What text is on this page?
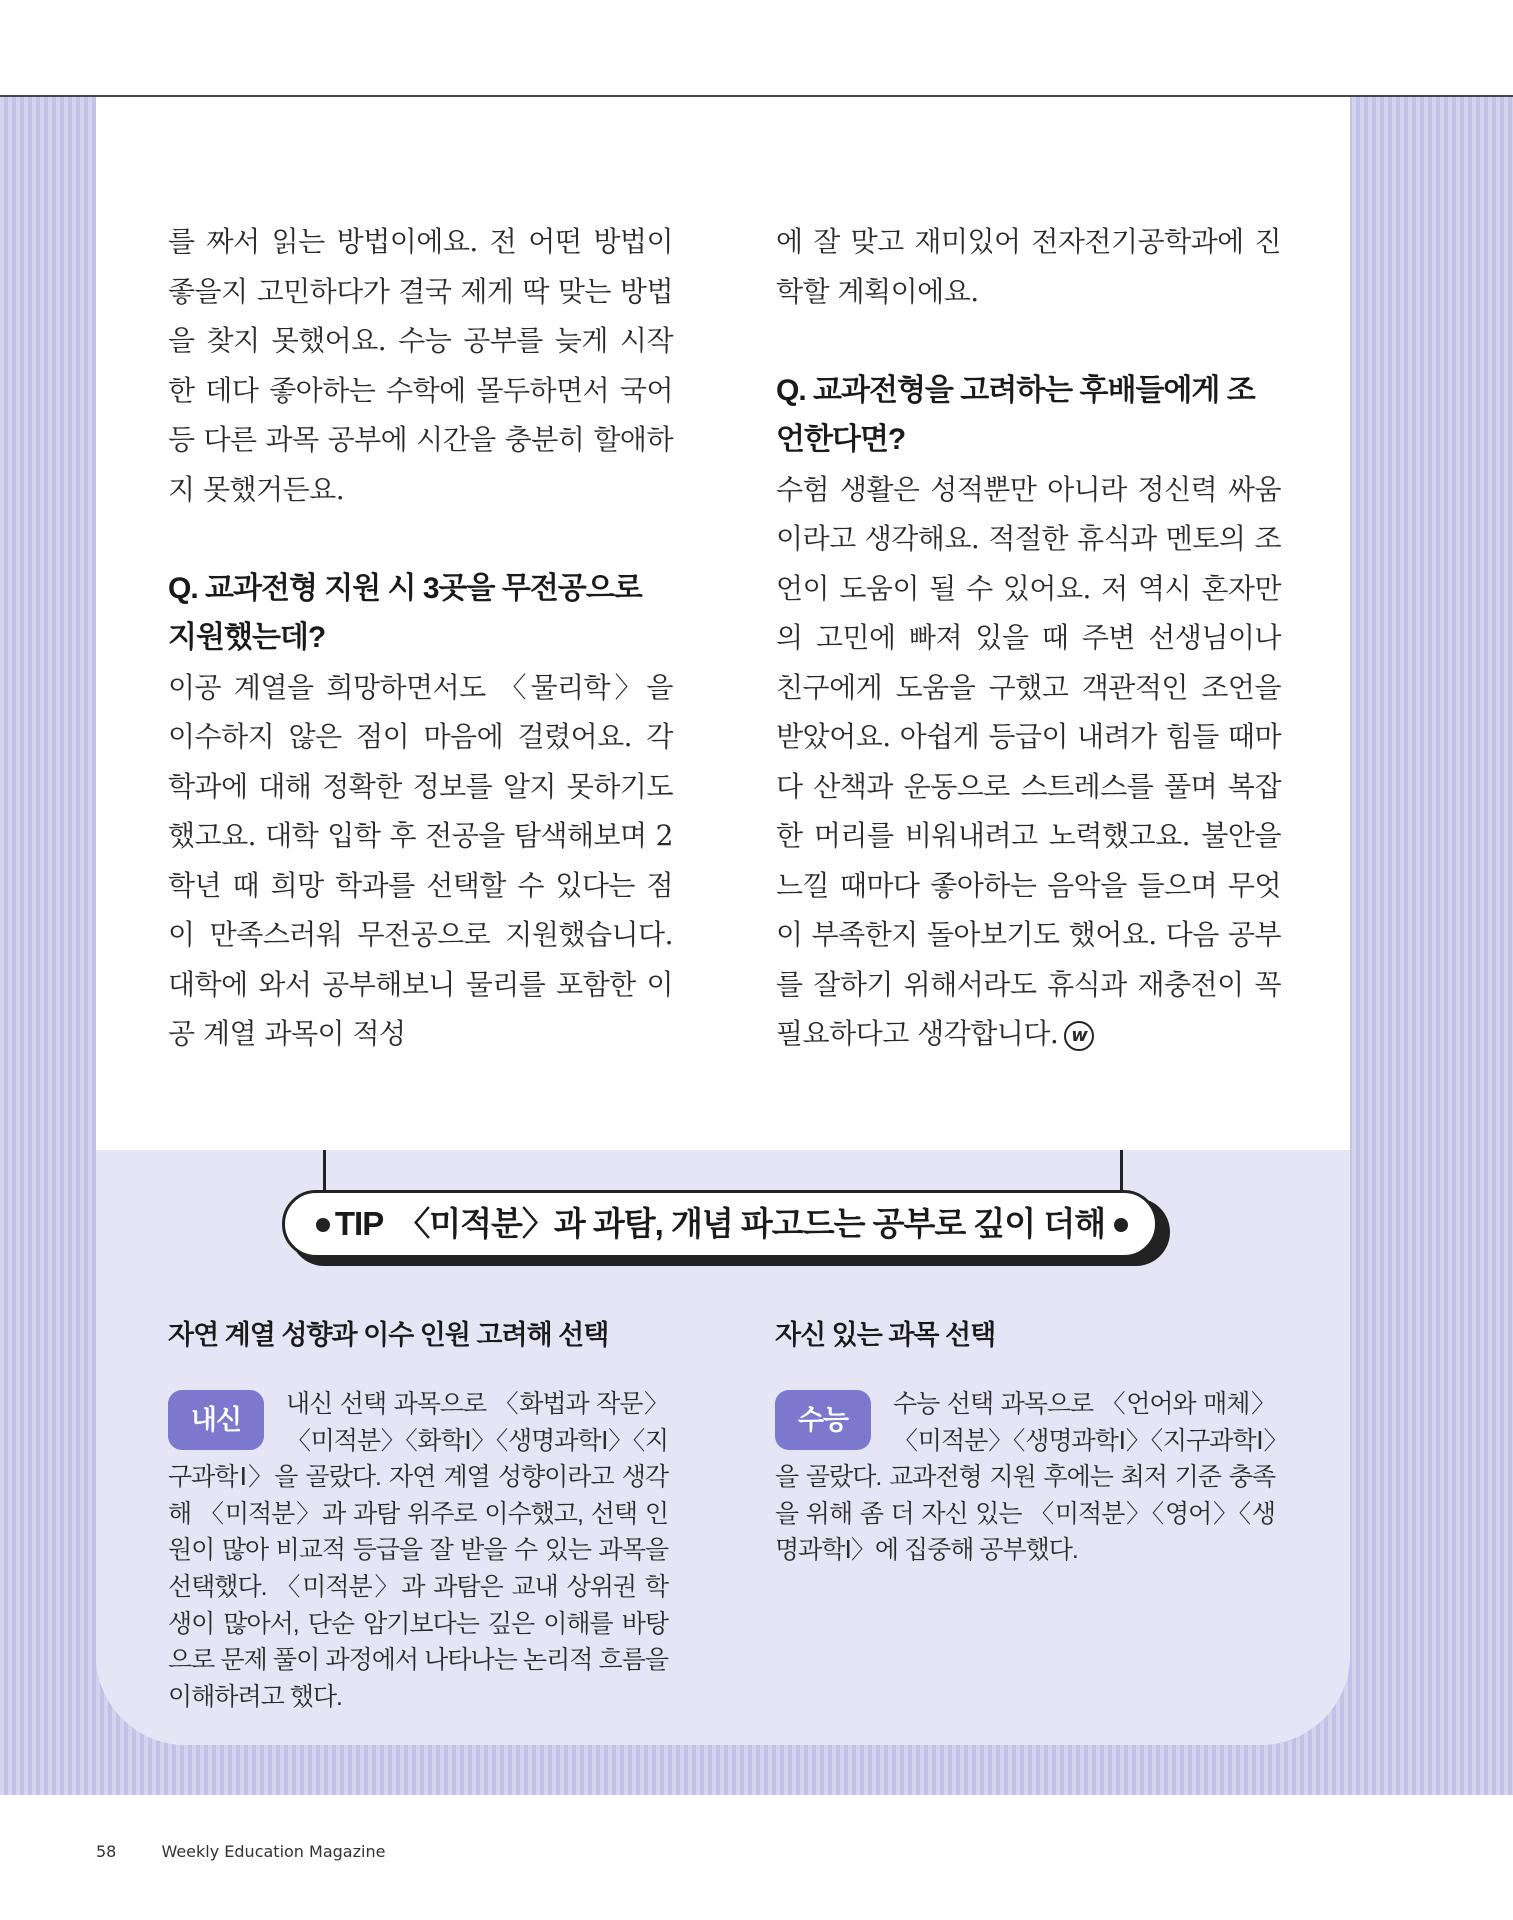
를 짜서 읽는 방법이에요. 전 어떤 방법이 좋을지 고민하다가 결국 제게 딱 맞는 방법을 찾지 못했어요. 수능 공부를 늦게 시작한 데다 좋아하는 수학에 몰두하면서 국어 등 다른 과목 공부에 시간을 충분히 할애하지 못했거든요.

Q. 교과전형 지원 시 3곳을 무전공으로 지원했는데?

이공 계열을 희망하면서도 〈물리학〉을 이수하지 않은 점이 마음에 걸렸어요. 각 학과에 대해 정확한 정보를 알지 못하기도 했고요. 대학 입학 후 전공을 탐색해보며 2학년 때 희망 학과를 선택할 수 있다는 점이 만족스러워 무전공으로 지원했습니다. 대학에 와서 공부해보니 물리를 포함한 이공 계열 과목이 적성

에 잘 맞고 재미있어 전자전기공학과에 진학할 계획이에요.

Q. 교과전형을 고려하는 후배들에게 조언한다면?

수험 생활은 성적뿐만 아니라 정신력 싸움이라고 생각해요. 적절한 휴식과 멘토의 조언이 도움이 될 수 있어요. 저 역시 혼자만의 고민에 빠져 있을 때 주변 선생님이나 친구에게 도움을 구했고 객관적인 조언을 받았어요. 아쉽게 등급이 내려가 힘들 때마다 산책과 운동으로 스트레스를 풀며 복잡한 머리를 비워내려고 노력했고요. 불안을 느낄 때마다 좋아하는 음악을 들으며 무엇이 부족한지 돌아보기도 했어요. 다음 공부를 잘하기 위해서라도 휴식과 재충전이 꼭 필요하다고 생각합니다. w

TIP 〈미적분〉과 과탐, 개념 파고드는 공부로 깊이 더해
자연 계열 성향과 이수 인원 고려해 선택
내신

내신 선택 과목으로 〈화법과 작문〉〈미적분〉〈화학Ⅰ〉〈생명과학Ⅰ〉〈지구과학Ⅰ〉을 골랐다. 자연 계열 성향이라고 생각해 〈미적분〉과 과탐 위주로 이수했고, 선택 인원이 많아 비교적 등급을 잘 받을 수 있는 과목을 선택했다. 〈미적분〉과 과탐은 교내 상위권 학생이 많아서, 단순 암기보다는 깊은 이해를 바탕으로 문제 풀이 과정에서 나타나는 논리적 흐름을 이해하려고 했다.

자신 있는 과목 선택
수능

수능 선택 과목으로 〈언어와 매체〉〈미적분〉〈생명과학Ⅰ〉〈지구과학Ⅰ〉을 골랐다. 교과전형 지원 후에는 최저 기준 충족을 위해 좀 더 자신 있는 〈미적분〉〈영어〉〈생명과학Ⅰ〉에 집중해 공부했다.

58	Weekly Education Magazine
